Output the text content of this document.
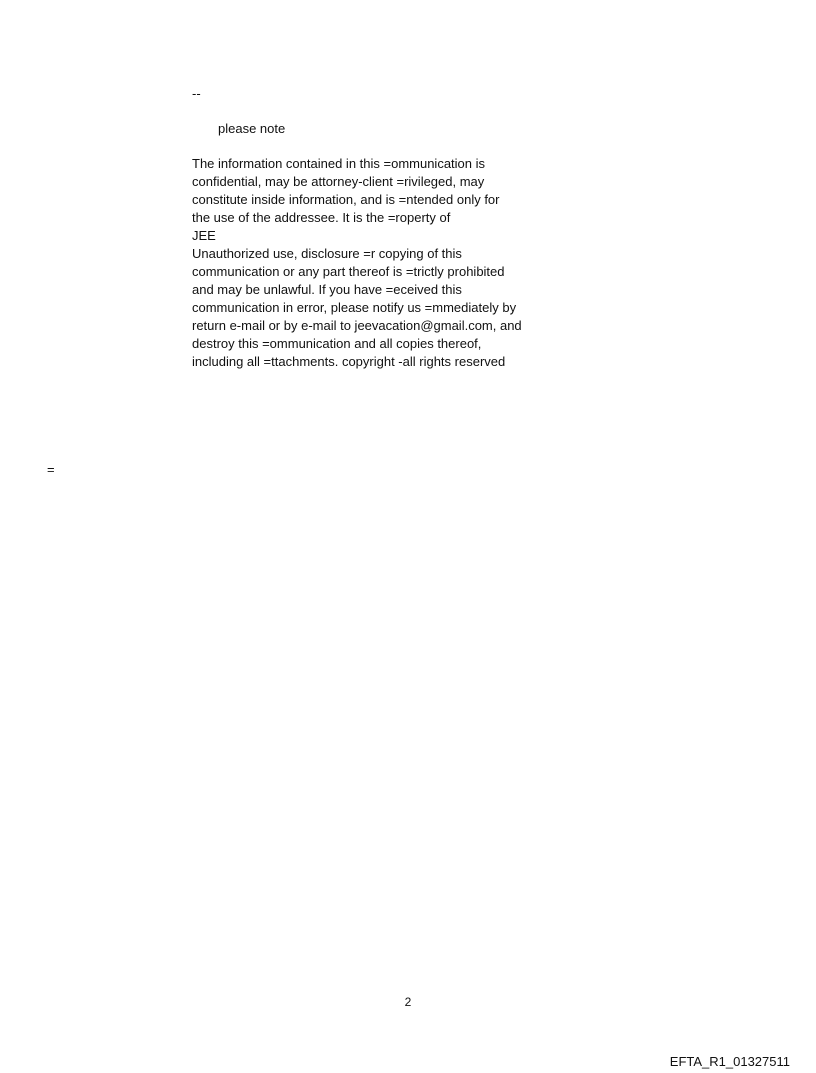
--
please note
The information contained in this =ommunication is
confidential, may be attorney-client =rivileged, may
constitute inside information, and is =ntended only for
the use of the addressee. It is the =roperty of
JEE
Unauthorized use, disclosure =r copying of this
communication or any part thereof is =trictly prohibited
and may be unlawful. If you have =eceived this
communication in error, please notify us =mmediately by
return e-mail or by e-mail to jeevacation@gmail.com, and
destroy this =ommunication and all copies thereof,
including all =ttachments. copyright -all rights reserved
=
2
EFTA_R1_01327511
